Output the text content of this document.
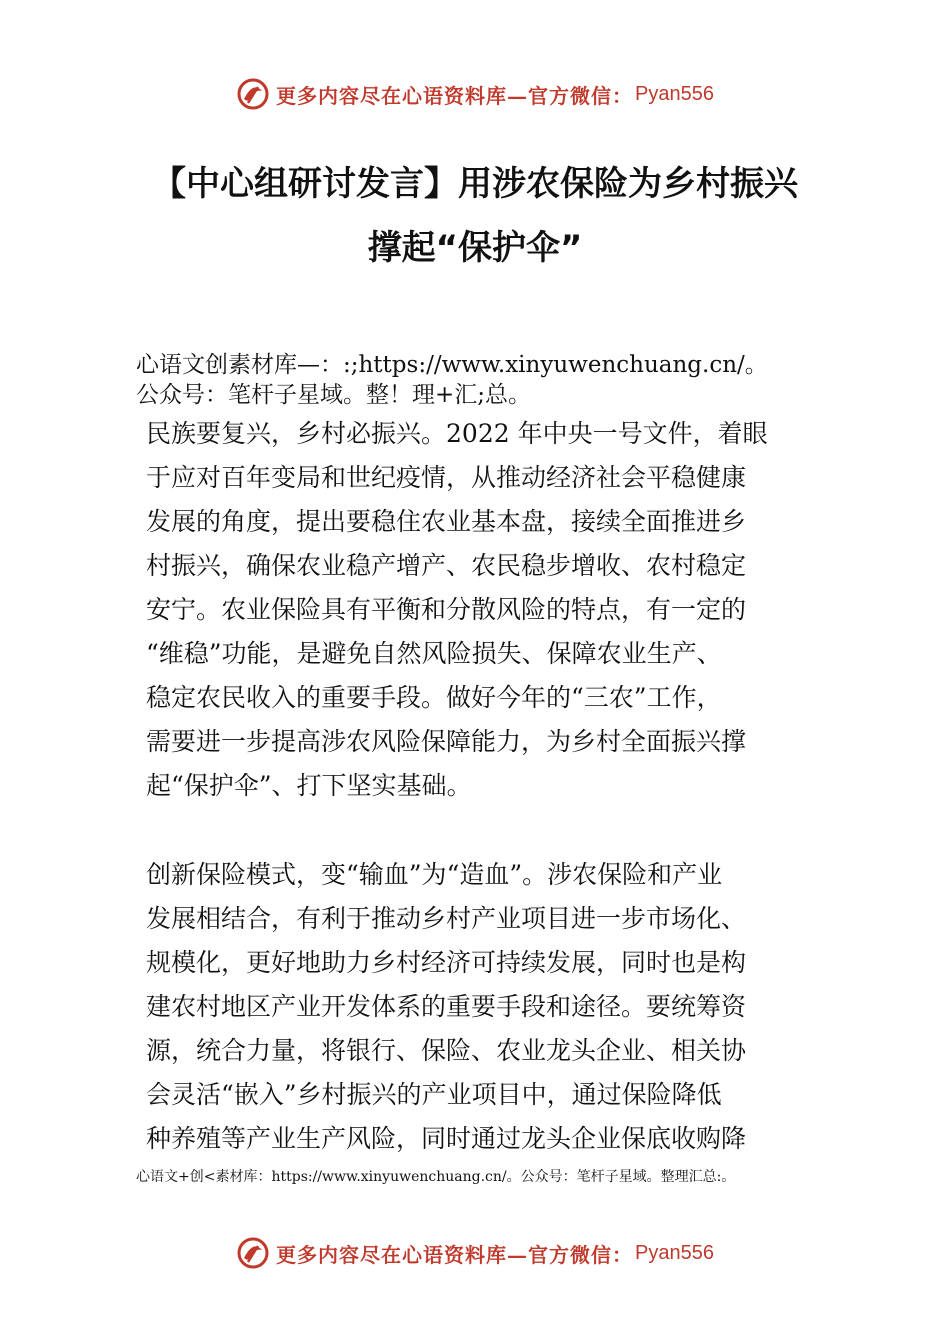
更多内容尽在心语资料库—官方微信： Pyan556
【中心组研讨发言】用涉农保险为乡村振兴
撑起“保护伞”
心语文创素材库—：:;https://www.xinyuwenchuang.cn/。
公众号：笔杆子星域。整！理+汇;总。
民族要复兴，乡村必振兴。2022 年中央一号文件，着眼
于应对百年变局和世纪疫情，从推动经济社会平稳健康
发展的角度，提出要稳住农业基本盘，接续全面推进乡
村振兴，确保农业稳产增产、农民稳步增收、农村稳定
安宁。农业保险具有平衡和分散风险的特点，有一定的
“维稳”功能，是避免自然风险损失、保障农业生产、
稳定农民收入的重要手段。做好今年的“三农”工作，
需要进一步提高涉农风险保障能力，为乡村全面振兴撑
起“保护伞”、打下坚实基础。
创新保险模式，变“输血”为“造血”。涉农保险和产业
发展相结合，有利于推动乡村产业项目进一步市场化、
规模化，更好地助力乡村经济可持续发展，同时也是构
建农村地区产业开发体系的重要手段和途径。要统筹资
源，统合力量，将银行、保险、农业龙头企业、相关协
会灵活“嵌入”乡村振兴的产业项目中，通过保险降低
种养殖等产业生产风险，同时通过龙头企业保底收购降
心语文+创<素材库：https://www.xinyuwenchuang.cn/。公众号：笔杆子星域。整理汇总:。
更多内容尽在心语资料库—官方微信： Pyan556
